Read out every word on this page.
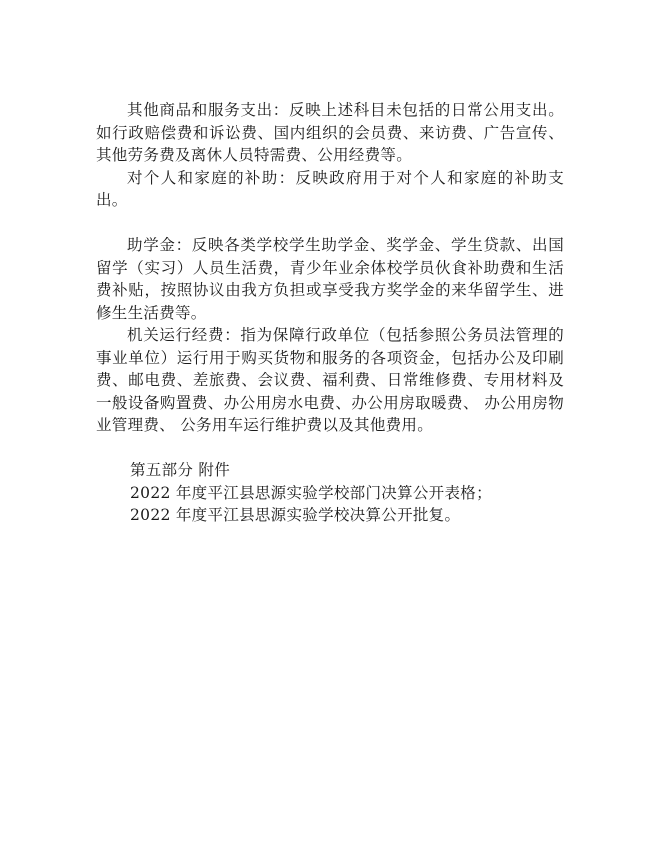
其他商品和服务支出：反映上述科目未包括的日常公用支出。如行政赔偿费和诉讼费、国内组织的会员费、来访费、广告宣传、其他劳务费及离休人员特需费、公用经费等。

对个人和家庭的补助：反映政府用于对个人和家庭的补助支出。

助学金：反映各类学校学生助学金、奖学金、学生贷款、出国留学（实习）人员生活费，青少年业余体校学员伙食补助费和生活费补贴，按照协议由我方负担或享受我方奖学金的来华留学生、进修生生活费等。

机关运行经费：指为保障行政单位（包括参照公务员法管理的事业单位）运行用于购买货物和服务的各项资金，包括办公及印刷费、邮电费、差旅费、会议费、福利费、日常维修费、专用材料及一般设备购置费、办公用房水电费、办公用房取暖费、 办公用房物业管理费、 公务用车运行维护费以及其他费用。

第五部分 附件

2022 年度平江县思源实验学校部门决算公开表格；

2022 年度平江县思源实验学校决算公开批复。
